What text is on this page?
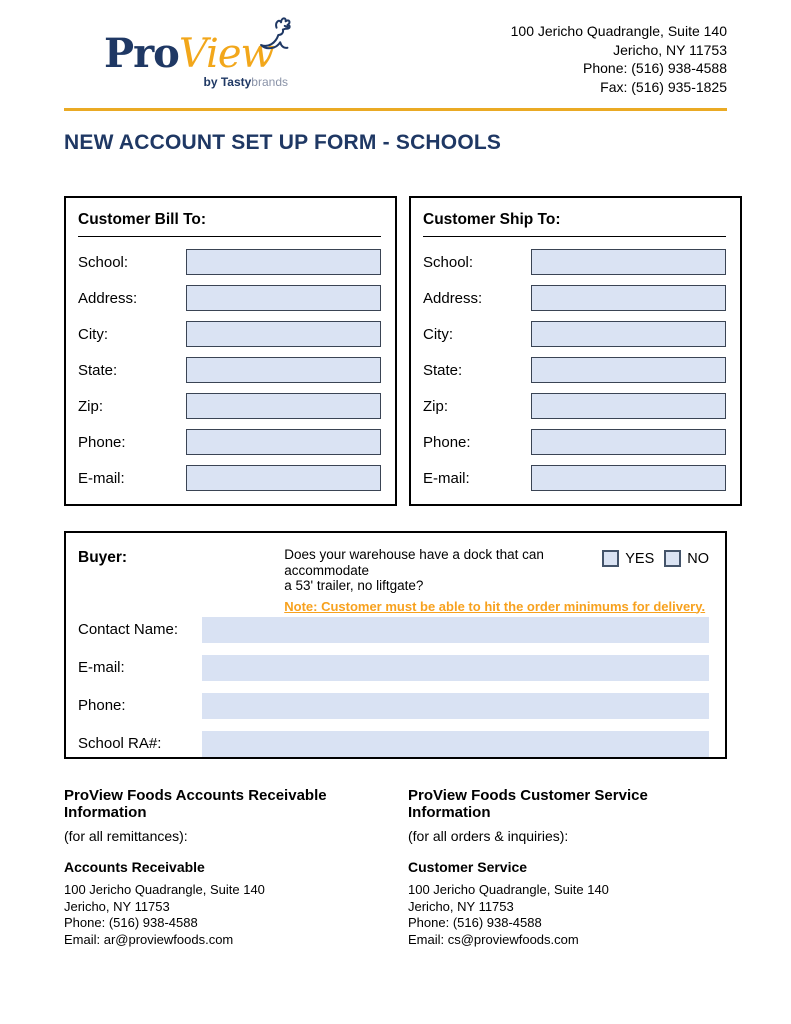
ProView
by Tastybrands
100 Jericho Quadrangle, Suite 140
Jericho, NY 11753
Phone: (516) 938-4588
Fax: (516) 935-1825
NEW ACCOUNT SET UP FORM - SCHOOLS
Customer Bill To:
School:
Address:
City:
State:
Zip:
Phone:
E-mail:
Customer Ship To:
School:
Address:
City:
State:
Zip:
Phone:
E-mail:
Buyer:	Does your warehouse have a dock that can accommodate
a 53' trailer, no liftgate?
Note: Customer must be able to hit the order minimums for delivery.
YES NO
Contact Name:
E-mail:
Phone:
School RA#:
ProView Foods Accounts Receivable Information
(for all remittances):
Accounts Receivable
100 Jericho Quadrangle, Suite 140
Jericho, NY 11753
Phone: (516) 938-4588
Email: ar@proviewfoods.com
ProView Foods Customer Service Information
(for all orders & inquiries):
Customer Service
100 Jericho Quadrangle, Suite 140
Jericho, NY 11753
Phone: (516) 938-4588
Email: cs@proviewfoods.com
